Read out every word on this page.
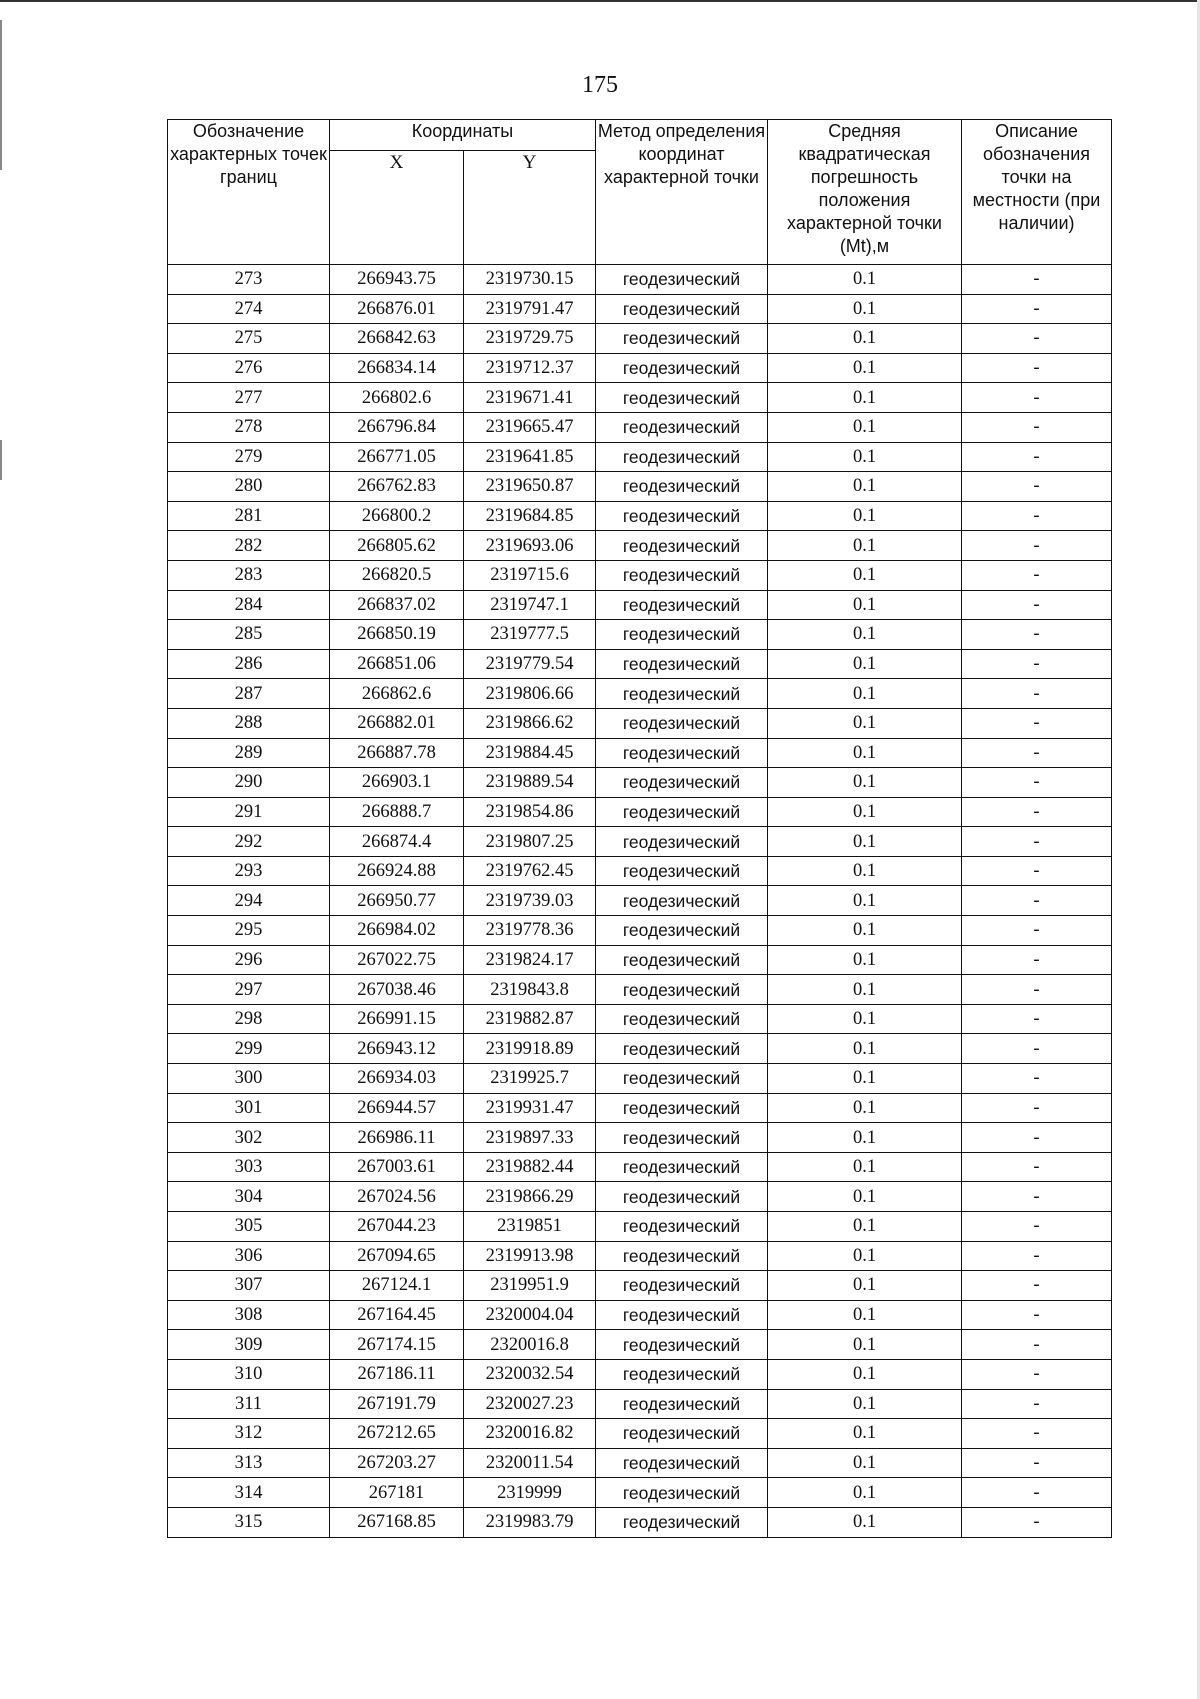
175
Обозначение характерных точек границ	Координаты		Метод определения координат характерной точки	Средняя квадратическая погрешность положения характерной точки (Mt),м	Описание обозначения точки на местности (при наличии)
	X	Y			
273	266943.75	2319730.15	геодезический	0.1	-
274	266876.01	2319791.47	геодезический	0.1	-
275	266842.63	2319729.75	геодезический	0.1	-
276	266834.14	2319712.37	геодезический	0.1	-
277	266802.6	2319671.41	геодезический	0.1	-
278	266796.84	2319665.47	геодезический	0.1	-
279	266771.05	2319641.85	геодезический	0.1	-
280	266762.83	2319650.87	геодезический	0.1	-
281	266800.2	2319684.85	геодезический	0.1	-
282	266805.62	2319693.06	геодезический	0.1	-
283	266820.5	2319715.6	геодезический	0.1	-
284	266837.02	2319747.1	геодезический	0.1	-
285	266850.19	2319777.5	геодезический	0.1	-
286	266851.06	2319779.54	геодезический	0.1	-
287	266862.6	2319806.66	геодезический	0.1	-
288	266882.01	2319866.62	геодезический	0.1	-
289	266887.78	2319884.45	геодезический	0.1	-
290	266903.1	2319889.54	геодезический	0.1	-
291	266888.7	2319854.86	геодезический	0.1	-
292	266874.4	2319807.25	геодезический	0.1	-
293	266924.88	2319762.45	геодезический	0.1	-
294	266950.77	2319739.03	геодезический	0.1	-
295	266984.02	2319778.36	геодезический	0.1	-
296	267022.75	2319824.17	геодезический	0.1	-
297	267038.46	2319843.8	геодезический	0.1	-
298	266991.15	2319882.87	геодезический	0.1	-
299	266943.12	2319918.89	геодезический	0.1	-
300	266934.03	2319925.7	геодезический	0.1	-
301	266944.57	2319931.47	геодезический	0.1	-
302	266986.11	2319897.33	геодезический	0.1	-
303	267003.61	2319882.44	геодезический	0.1	-
304	267024.56	2319866.29	геодезический	0.1	-
305	267044.23	2319851	геодезический	0.1	-
306	267094.65	2319913.98	геодезический	0.1	-
307	267124.1	2319951.9	геодезический	0.1	-
308	267164.45	2320004.04	геодезический	0.1	-
309	267174.15	2320016.8	геодезический	0.1	-
310	267186.11	2320032.54	геодезический	0.1	-
311	267191.79	2320027.23	геодезический	0.1	-
312	267212.65	2320016.82	геодезический	0.1	-
313	267203.27	2320011.54	геодезический	0.1	-
314	267181	2319999	геодезический	0.1	-
315	267168.85	2319983.79	геодезический	0.1	-
